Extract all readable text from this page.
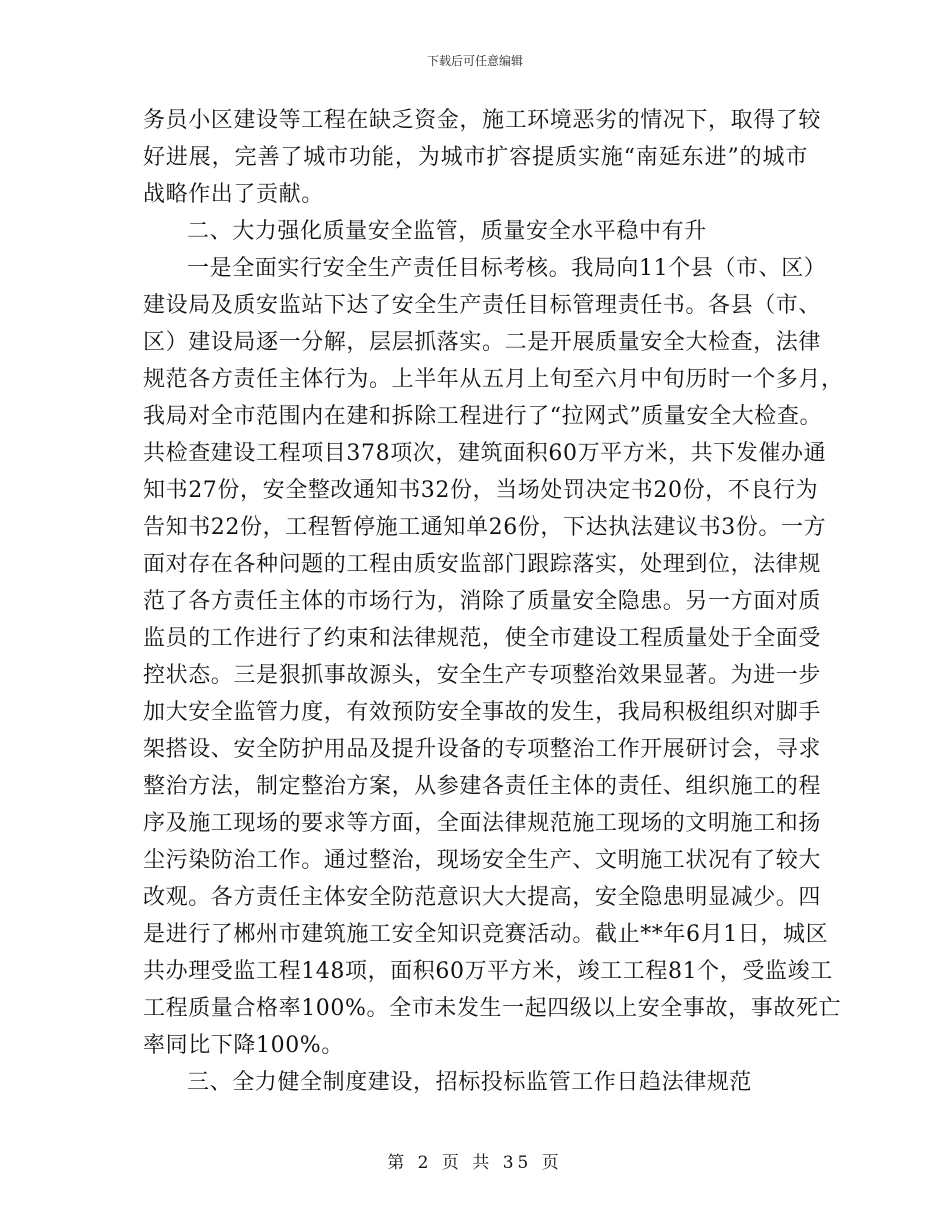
下载后可任意编辑
务员小区建设等工程在缺乏资金，施工环境恶劣的情况下，取得了较
好进展，完善了城市功能，为城市扩容提质实施“南延东进”的城市
战略作出了贡献。
二、大力强化质量安全监管，质量安全水平稳中有升
一是全面实行安全生产责任目标考核。我局向11个县（市、区）
建设局及质安监站下达了安全生产责任目标管理责任书。各县（市、
区）建设局逐一分解，层层抓落实。二是开展质量安全大检查，法律
规范各方责任主体行为。上半年从五月上旬至六月中旬历时一个多月，
我局对全市范围内在建和拆除工程进行了“拉网式”质量安全大检查。
共检查建设工程项目378项次，建筑面积60万平方米，共下发催办通
知书27份，安全整改通知书32份，当场处罚决定书20份，不良行为
告知书22份，工程暂停施工通知单26份，下达执法建议书3份。一方
面对存在各种问题的工程由质安监部门跟踪落实，处理到位，法律规
范了各方责任主体的市场行为，消除了质量安全隐患。另一方面对质
监员的工作进行了约束和法律规范，使全市建设工程质量处于全面受
控状态。三是狠抓事故源头，安全生产专项整治效果显著。为进一步
加大安全监管力度，有效预防安全事故的发生，我局积极组织对脚手
架搭设、安全防护用品及提升设备的专项整治工作开展研讨会，寻求
整治方法，制定整治方案，从参建各责任主体的责任、组织施工的程
序及施工现场的要求等方面，全面法律规范施工现场的文明施工和扬
尘污染防治工作。通过整治，现场安全生产、文明施工状况有了较大
改观。各方责任主体安全防范意识大大提高，安全隐患明显减少。四
是进行了郴州市建筑施工安全知识竞赛活动。截止**年6月1日，城区
共办理受监工程148项，面积60万平方米，竣工工程81个，受监竣工
工程质量合格率100%。全市未发生一起四级以上安全事故，事故死亡
率同比下降100%。
三、全力健全制度建设，招标投标监管工作日趋法律规范
第 2 页 共 35 页
